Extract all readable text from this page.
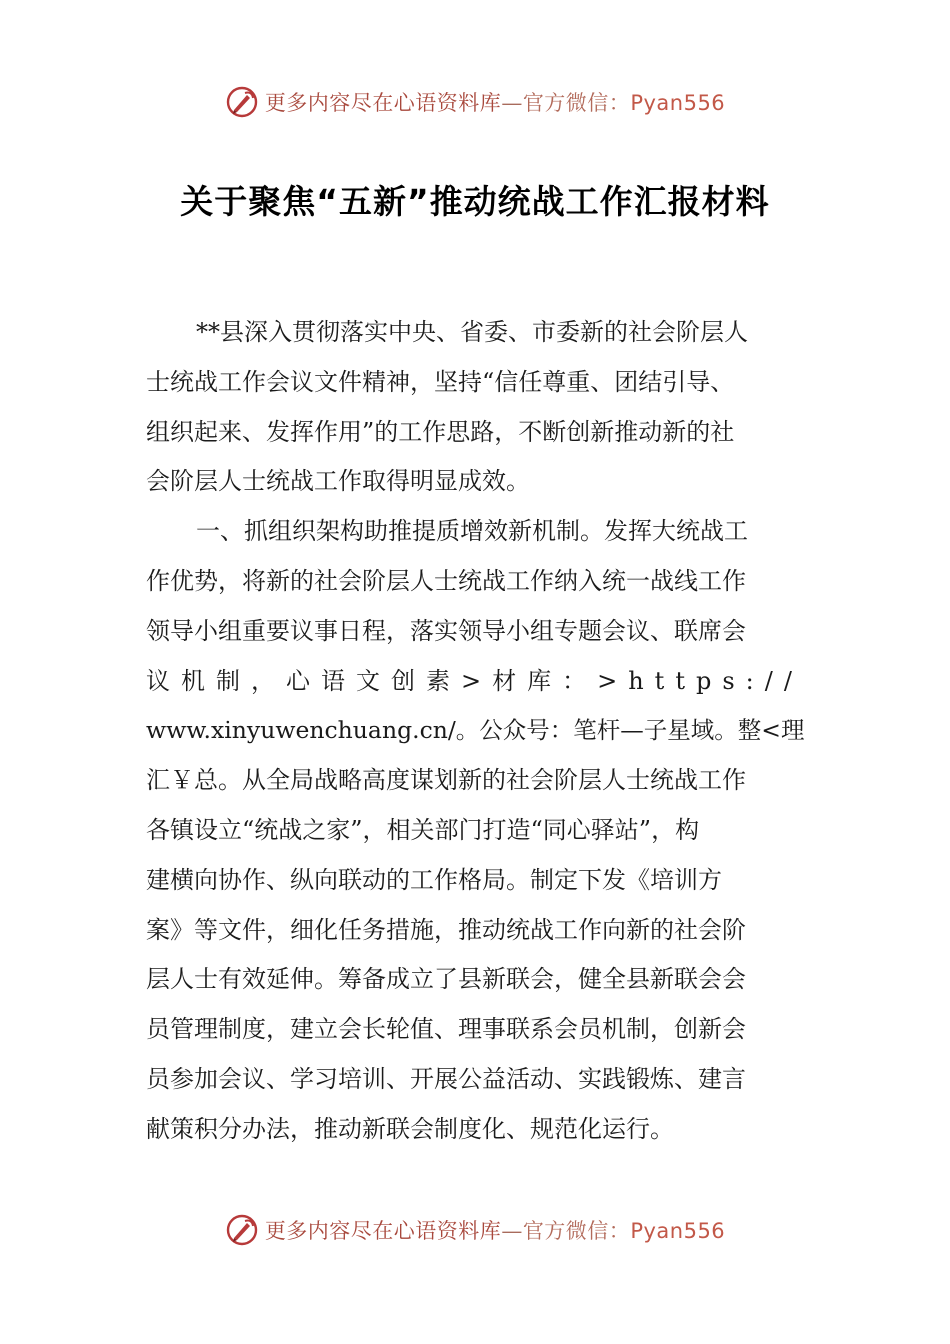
更多内容尽在心语资料库—官方微信：Pyan556
关于聚焦“五新”推动统战工作汇报材料
**县深入贯彻落实中央、省委、市委新的社会阶层人
士统战工作会议文件精神，坚持“信任尊重、团结引导、
组织起来、发挥作用”的工作思路，不断创新推动新的社
会阶层人士统战工作取得明显成效。
一、抓组织架构助推提质增效新机制。发挥大统战工
作优势，将新的社会阶层人士统战工作纳入统一战线工作
领导小组重要议事日程，落实领导小组专题会议、联席会
议机制，心语文创素>材库：>https://
www.xinyuwenchuang.cn/。公众号：笔杆—子星域。整<理
汇￥总。从全局战略高度谋划新的社会阶层人士统战工作
各镇设立“统战之家”，相关部门打造“同心驿站”，构
建横向协作、纵向联动的工作格局。制定下发《培训方
案》等文件，细化任务措施，推动统战工作向新的社会阶
层人士有效延伸。筹备成立了县新联会，健全县新联会会
员管理制度，建立会长轮值、理事联系会员机制，创新会
员参加会议、学习培训、开展公益活动、实践锻炼、建言
献策积分办法，推动新联会制度化、规范化运行。
更多内容尽在心语资料库—官方微信：Pyan556
